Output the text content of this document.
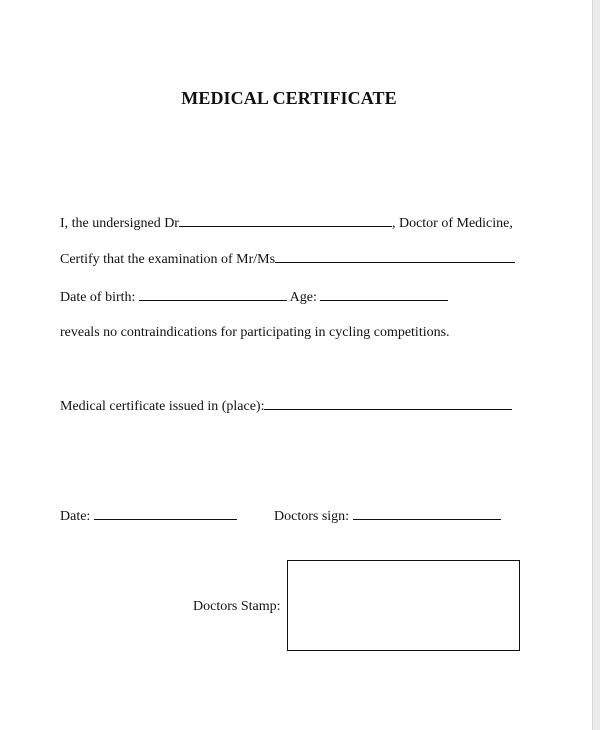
MEDICAL CERTIFICATE
I, the undersigned Dr	, Doctor of Medicine,
Certify that the examination of Mr/Ms
Date of birth:	Age:
reveals no contraindications for participating in cycling competitions.
Medical certificate issued in (place):
Date:	Doctors sign:
Doctors Stamp:
